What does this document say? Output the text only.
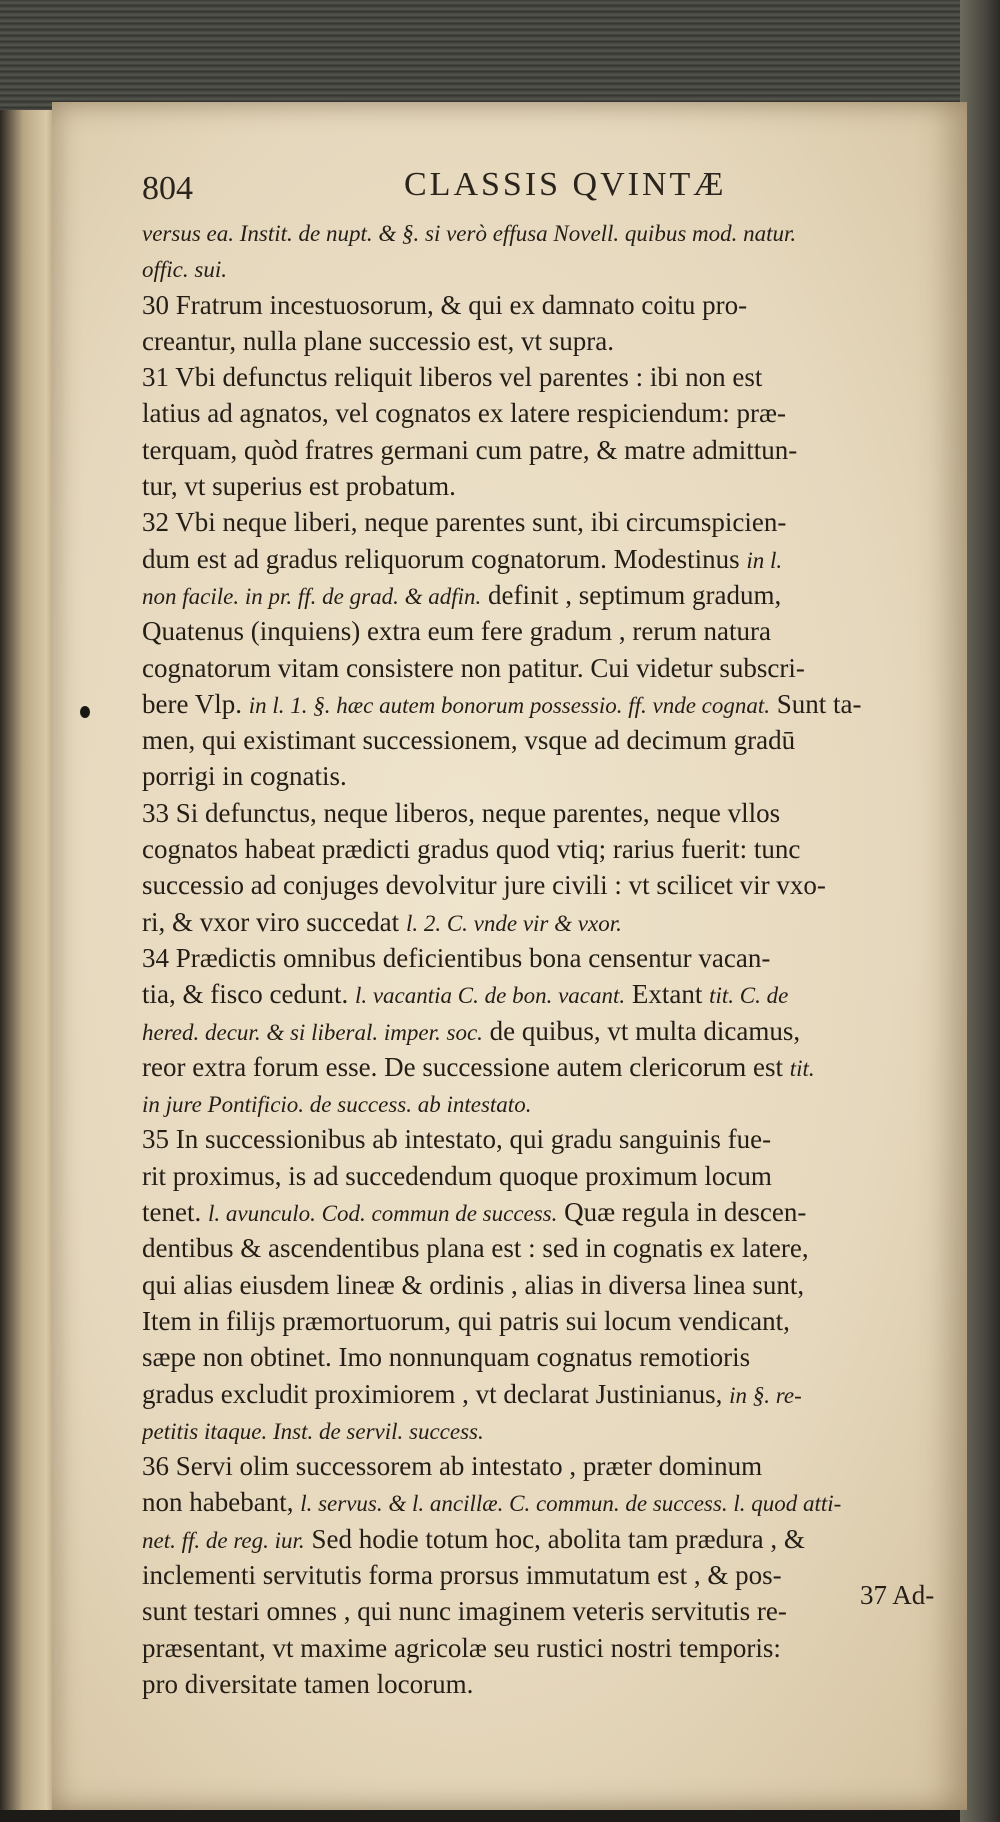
804	CLASSIS QVINTÆ
versus ea. Instit. de nupt. & §. si verò effusa Novell. quibus mod. natur.
offic. sui.
30 Fratrum incestuosorum, & qui ex damnato coitu pro-
creantur, nulla plane successio est, vt supra.
31 Vbi defunctus reliquit liberos vel parentes : ibi non est
latius ad agnatos, vel cognatos ex latere respiciendum: præ-
terquam, quòd fratres germani cum patre, & matre admittun-
tur, vt superius est probatum.
32 Vbi neque liberi, neque parentes sunt, ibi circumspicien-
dum est ad gradus reliquorum cognatorum. Modestinus in l.
non facile. in pr. ff. de grad. & adfin. definit , septimum gradum,
Quatenus (inquiens) extra eum fere gradum , rerum natura
cognatorum vitam consistere non patitur. Cui videtur subscri-
bere Vlp. in l. 1. §. hæc autem bonorum possessio. ff. vnde cognat. Sunt ta-
men, qui existimant successionem, vsque ad decimum gradū
porrigi in cognatis.
33 Si defunctus, neque liberos, neque parentes, neque vllos
cognatos habeat prædicti gradus quod vtiq; rarius fuerit: tunc
successio ad conjuges devolvitur jure civili : vt scilicet vir vxo-
ri, & vxor viro succedat l. 2. C. vnde vir & vxor.
34 Prædictis omnibus deficientibus bona censentur vacan-
tia, & fisco cedunt. l. vacantia C. de bon. vacant. Extant tit. C. de
hered. decur. & si liberal. imper. soc. de quibus, vt multa dicamus,
reor extra forum esse. De successione autem clericorum est tit.
in jure Pontificio. de success. ab intestato.
35 In successionibus ab intestato, qui gradu sanguinis fue-
rit proximus, is ad succedendum quoque proximum locum
tenet. l. avunculo. Cod. commun de success. Quæ regula in descen-
dentibus & ascendentibus plana est : sed in cognatis ex latere,
qui alias eiusdem lineæ & ordinis , alias in diversa linea sunt,
Item in filijs præmortuorum, qui patris sui locum vendicant,
sæpe non obtinet. Imo nonnunquam cognatus remotioris
gradus excludit proximiorem , vt declarat Justinianus, in §. re-
petitis itaque. Inst. de servil. success.
36 Servi olim successorem ab intestato , præter dominum
non habebant, l. servus. & l. ancillæ. C. commun. de success. l. quod atti-
net. ff. de reg. iur. Sed hodie totum hoc, abolita tam prædura , &
inclementi servitutis forma prorsus immutatum est , & pos-
sunt testari omnes , qui nunc imaginem veteris servitutis re-
præsentant, vt maxime agricolæ seu rustici nostri temporis:
pro diversitate tamen locorum.
37 Ad-
